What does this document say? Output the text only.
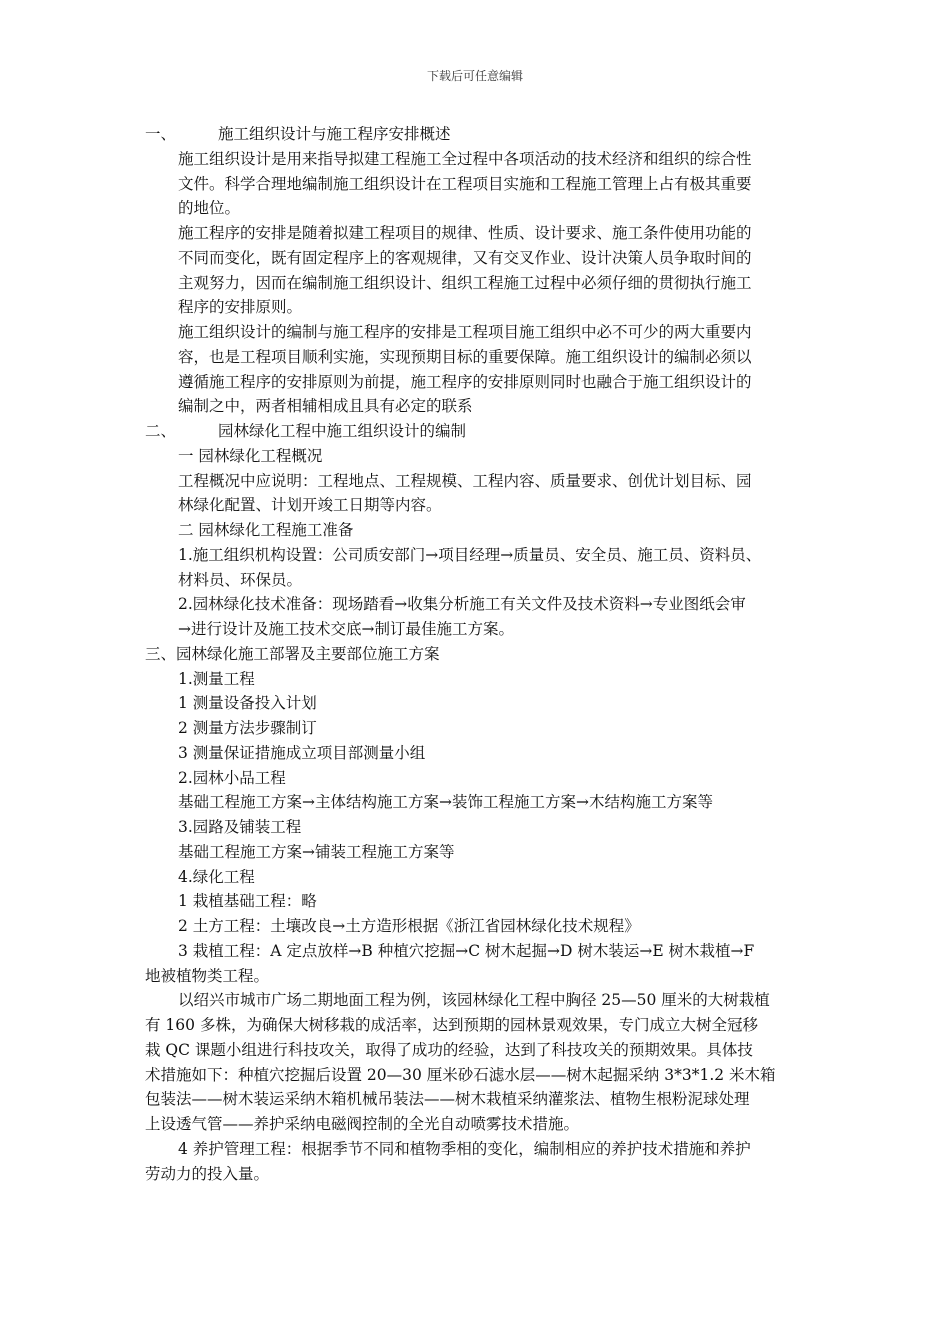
下载后可任意编辑
一、	施工组织设计与施工程序安排概述
施工组织设计是用来指导拟建工程施工全过程中各项活动的技术经济和组织的综合性
文件。科学合理地编制施工组织设计在工程项目实施和工程施工管理上占有极其重要
的地位。
施工程序的安排是随着拟建工程项目的规律、性质、设计要求、施工条件使用功能的
不同而变化，既有固定程序上的客观规律，又有交叉作业、设计决策人员争取时间的
主观努力，因而在编制施工组织设计、组织工程施工过程中必须仔细的贯彻执行施工
程序的安排原则。
施工组织设计的编制与施工程序的安排是工程项目施工组织中必不可少的两大重要内
容，也是工程项目顺利实施，实现预期目标的重要保障。施工组织设计的编制必须以
遵循施工程序的安排原则为前提，施工程序的安排原则同时也融合于施工组织设计的
编制之中，两者相辅相成且具有必定的联系
二、	园林绿化工程中施工组织设计的编制
一 园林绿化工程概况
工程概况中应说明：工程地点、工程规模、工程内容、质量要求、创优计划目标、园
林绿化配置、计划开竣工日期等内容。
二 园林绿化工程施工准备
1.施工组织机构设置：公司质安部门→项目经理→质量员、安全员、施工员、资料员、
材料员、环保员。
2.园林绿化技术准备：现场踏看→收集分析施工有关文件及技术资料→专业图纸会审
→进行设计及施工技术交底→制订最佳施工方案。
三、园林绿化施工部署及主要部位施工方案
1.测量工程
1 测量设备投入计划
2 测量方法步骤制订
3 测量保证措施成立项目部测量小组
2.园林小品工程
基础工程施工方案→主体结构施工方案→装饰工程施工方案→木结构施工方案等
3.园路及铺装工程
基础工程施工方案→铺装工程施工方案等
4.绿化工程
1 栽植基础工程：略
2 土方工程：土壤改良→土方造形根据《浙江省园林绿化技术规程》
3 栽植工程：A 定点放样→B 种植穴挖掘→C 树木起掘→D 树木装运→E 树木栽植→F
地被植物类工程。
以绍兴市城市广场二期地面工程为例，该园林绿化工程中胸径 25—50 厘米的大树栽植
有 160 多株，为确保大树移栽的成活率，达到预期的园林景观效果，专门成立大树全冠移
栽 QC 课题小组进行科技攻关，取得了成功的经验，达到了科技攻关的预期效果。具体技
术措施如下：种植穴挖掘后设置 20—30 厘米砂石滤水层——树木起掘采纳 3*3*1.2 米木箱
包装法——树木装运采纳木箱机械吊装法——树木栽植采纳灌浆法、植物生根粉泥球处理
上设透气管——养护采纳电磁阀控制的全光自动喷雾技术措施。
4 养护管理工程：根据季节不同和植物季相的变化，编制相应的养护技术措施和养护
劳动力的投入量。
